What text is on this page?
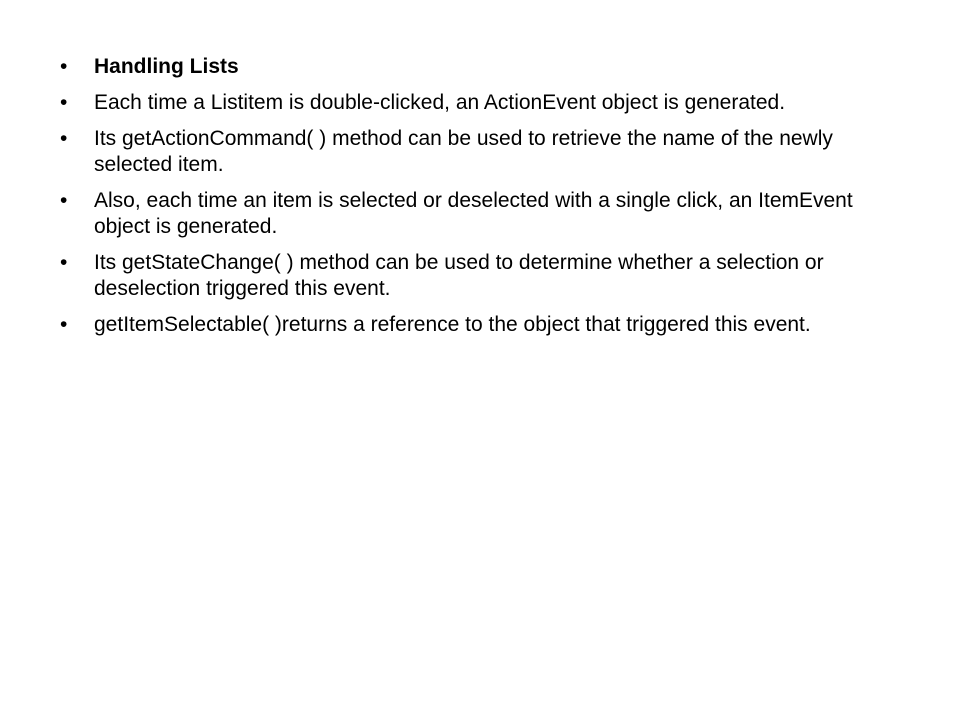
•	Handling Lists
•	Each time a Listitem is double-clicked, an ActionEvent object is generated.
•	Its getActionCommand( ) method can be used to retrieve the name of the newly selected item.
•	Also, each time an item is selected or deselected with a single click, an ItemEvent object is generated.
•	Its getStateChange( ) method can be used to determine whether a selection or deselection triggered this event.
•	getItemSelectable( )returns a reference to the object that triggered this event.
